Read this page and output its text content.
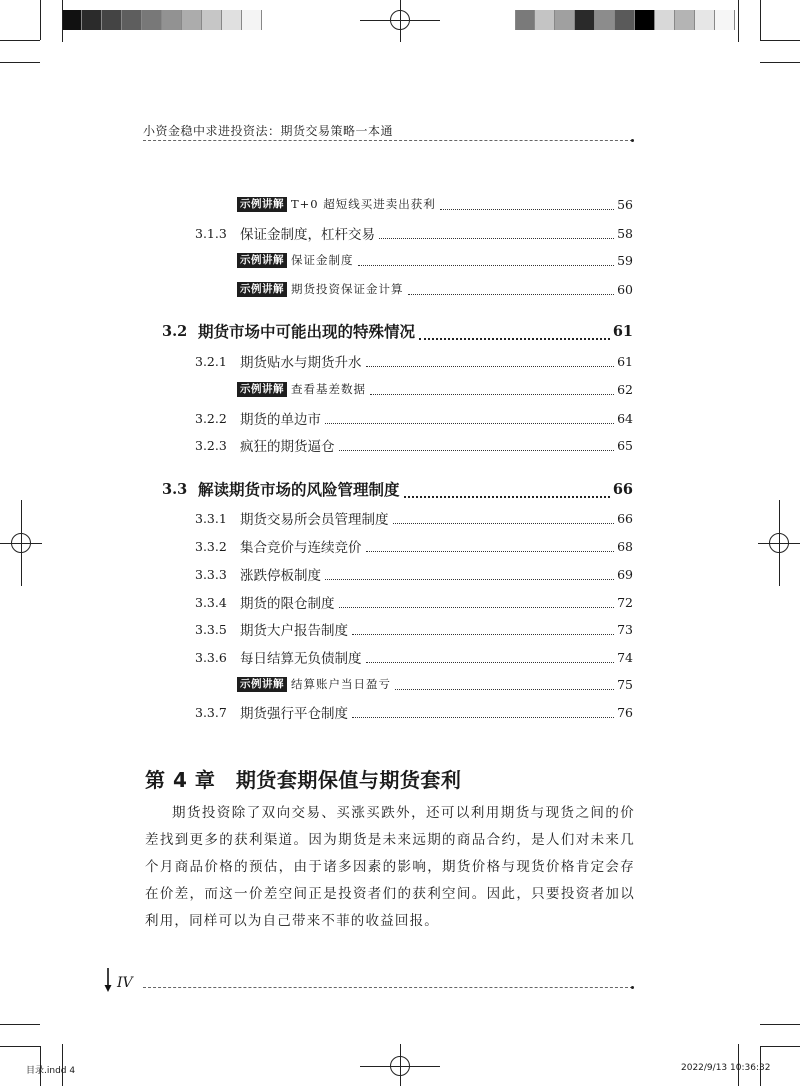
小资金稳中求进投资法：期货交易策略一本通
示例讲解 T+0 超短线买进卖出获利	56
3.1.3 保证金制度，杠杆交易	58
示例讲解 保证金制度	59
示例讲解 期货投资保证金计算	60
3.2 期货市场中可能出现的特殊情况	61
3.2.1 期货贴水与期货升水	61
示例讲解 查看基差数据	62
3.2.2 期货的单边市	64
3.2.3 疯狂的期货逼仓	65
3.3 解读期货市场的风险管理制度	66
3.3.1 期货交易所会员管理制度	66
3.3.2 集合竞价与连续竞价	68
3.3.3 涨跌停板制度	69
3.3.4 期货的限仓制度	72
3.3.5 期货大户报告制度	73
3.3.6 每日结算无负债制度	74
示例讲解 结算账户当日盈亏	75
3.3.7 期货强行平仓制度	76
第 4 章　期货套期保值与期货套利
期货投资除了双向交易、买涨买跌外，还可以利用期货与现货之间的价差找到更多的获利渠道。因为期货是未来远期的商品合约，是人们对未来几个月商品价格的预估，由于诸多因素的影响，期货价格与现货价格肯定会存在价差，而这一价差空间正是投资者们的获利空间。因此，只要投资者加以利用，同样可以为自己带来不菲的收益回报。
IV
目录.indd 4	2022/9/13 10:36:32
